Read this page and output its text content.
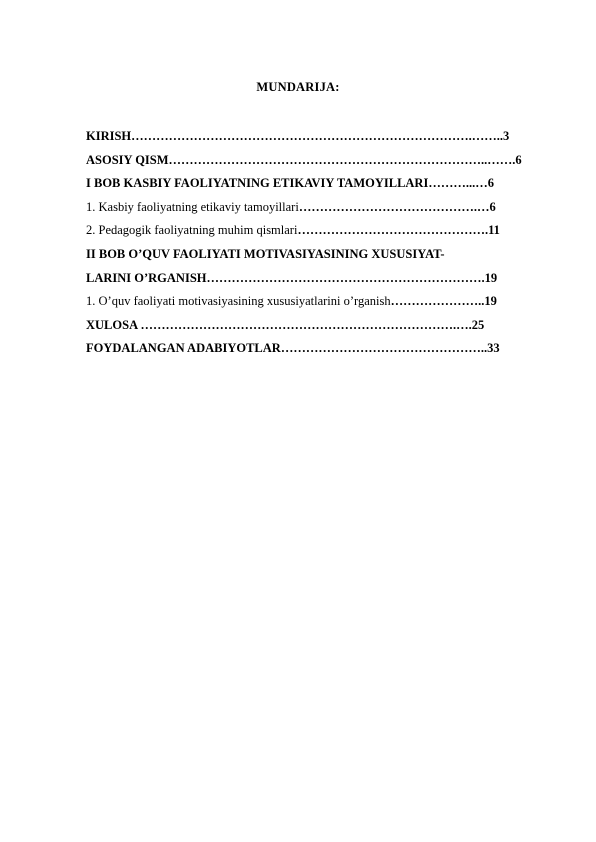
MUNDARIJA:
KIRISH……………………………………………………………………….……..3
ASOSIY QISM…………………………………………………………………..…….6
I BOB KASBIY FAOLIYATNING ETIKAVIY TAMOYILLARI………...…6
1. Kasbiy faoliyatning etikaviy tamoyillari…………………………………….…6
2. Pedagogik faoliyatning muhim qismlari……………………………………….11
II BOB O’QUV FAOLIYATI MOTIVASIYASINING XUSUSIYAT-
LARINI O’RGANISH………………………………………………………….19
1. O’quv faoliyati motivasiyasining xususiyatlarini o’rganish…………………..19
XULOSA ………………………………………………………………….….25
FOYDALANGAN ADABIYOTLAR…………………………………………..33
